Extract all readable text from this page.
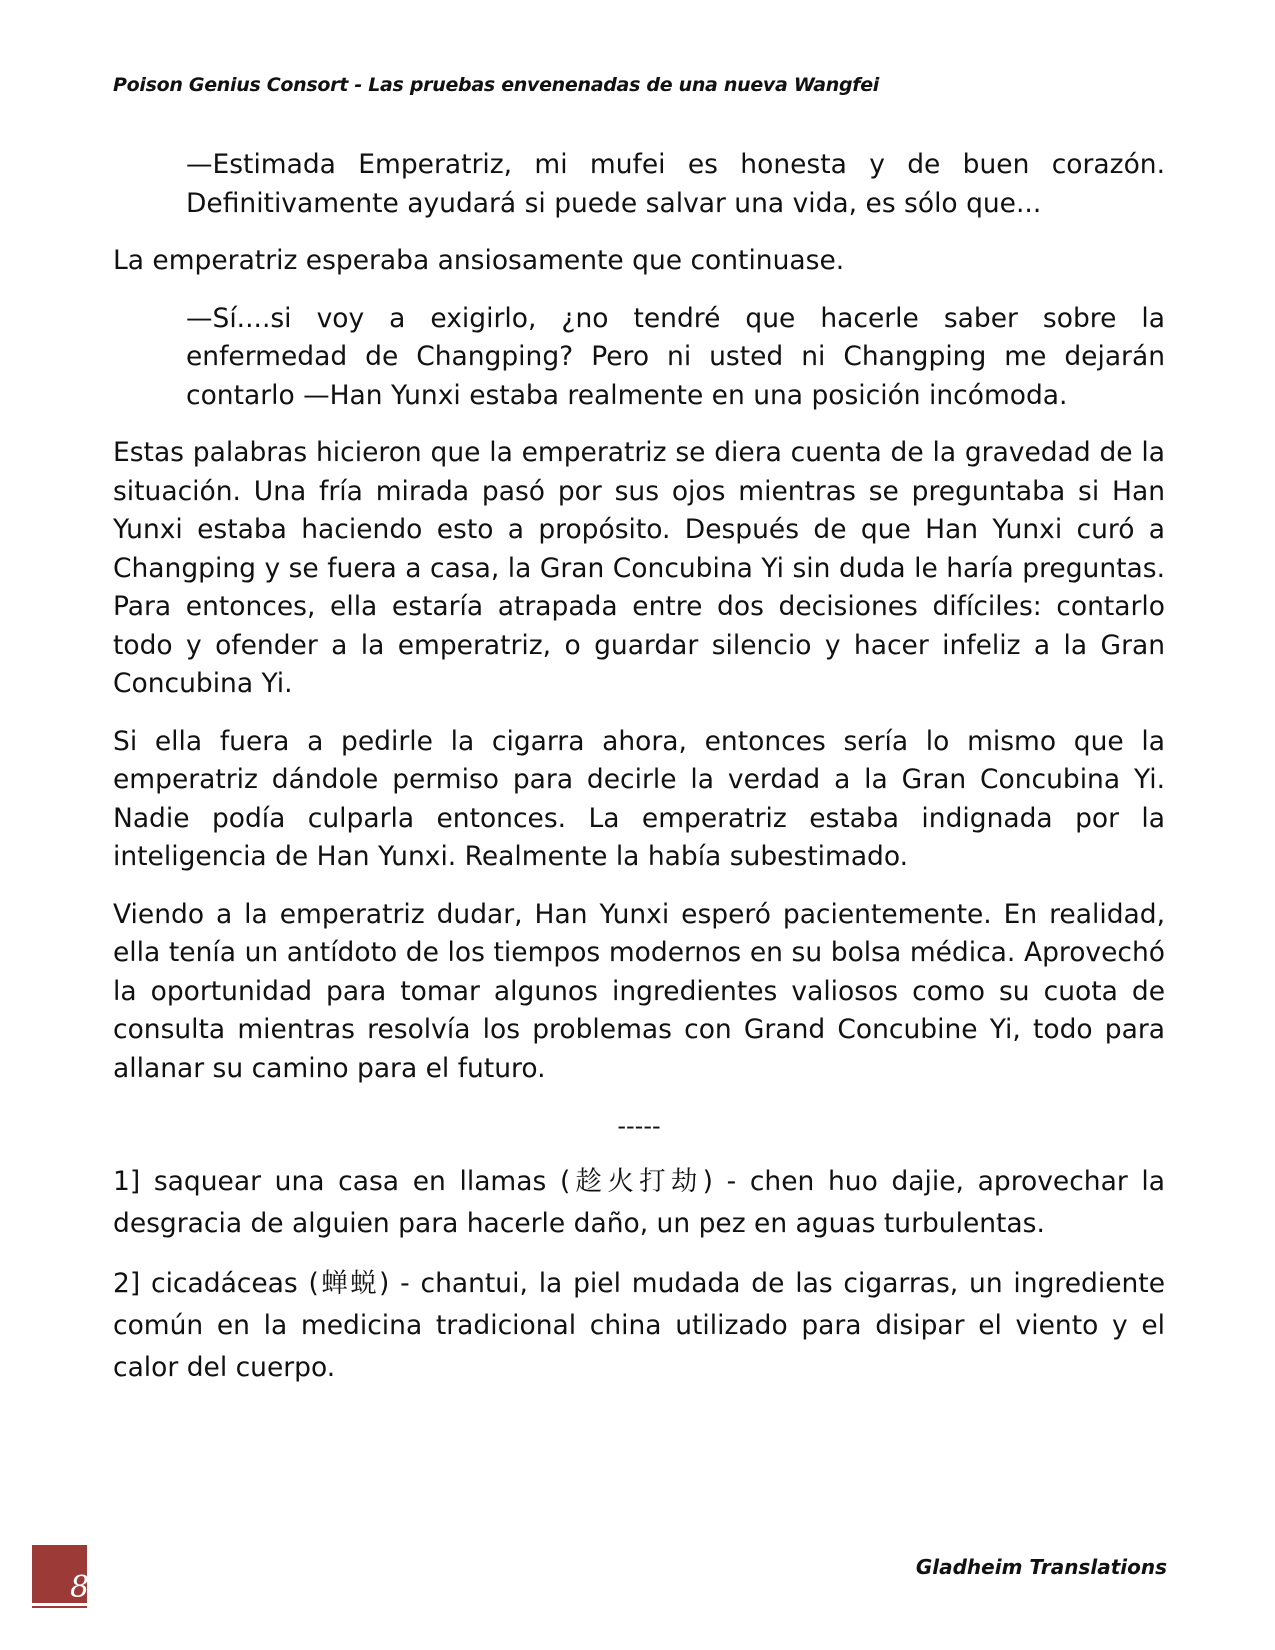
Poison Genius Consort - Las pruebas envenenadas de una nueva Wangfei

—Estimada Emperatriz, mi mufei es honesta y de buen corazón. Definitivamente ayudará si puede salvar una vida, es sólo que...

La emperatriz esperaba ansiosamente que continuase.

—Sí....si voy a exigirlo, ¿no tendré que hacerle saber sobre la enfermedad de Changping? Pero ni usted ni Changping me dejarán contarlo —Han Yunxi estaba realmente en una posición incómoda.

Estas palabras hicieron que la emperatriz se diera cuenta de la gravedad de la situación. Una fría mirada pasó por sus ojos mientras se preguntaba si Han Yunxi estaba haciendo esto a propósito. Después de que Han Yunxi curó a Changping y se fuera a casa, la Gran Concubina Yi sin duda le haría preguntas. Para entonces, ella estaría atrapada entre dos decisiones difíciles: contarlo todo y ofender a la emperatriz, o guardar silencio y hacer infeliz a la Gran Concubina Yi.

Si ella fuera a pedirle la cigarra ahora, entonces sería lo mismo que la emperatriz dándole permiso para decirle la verdad a la Gran Concubina Yi. Nadie podía culparla entonces. La emperatriz estaba indignada por la inteligencia de Han Yunxi. Realmente la había subestimado.

Viendo a la emperatriz dudar, Han Yunxi esperó pacientemente. En realidad, ella tenía un antídoto de los tiempos modernos en su bolsa médica. Aprovechó la oportunidad para tomar algunos ingredientes valiosos como su cuota de consulta mientras resolvía los problemas con Grand Concubine Yi, todo para allanar su camino para el futuro.

-----

1] saquear una casa en llamas (趁火打劫) - chen huo dajie, aprovechar la desgracia de alguien para hacerle daño, un pez en aguas turbulentas.

2] cicadáceas (蝉蜕) - chantui, la piel mudada de las cigarras, un ingrediente común en la medicina tradicional china utilizado para disipar el viento y el calor del cuerpo.

8
Gladheim Translations
